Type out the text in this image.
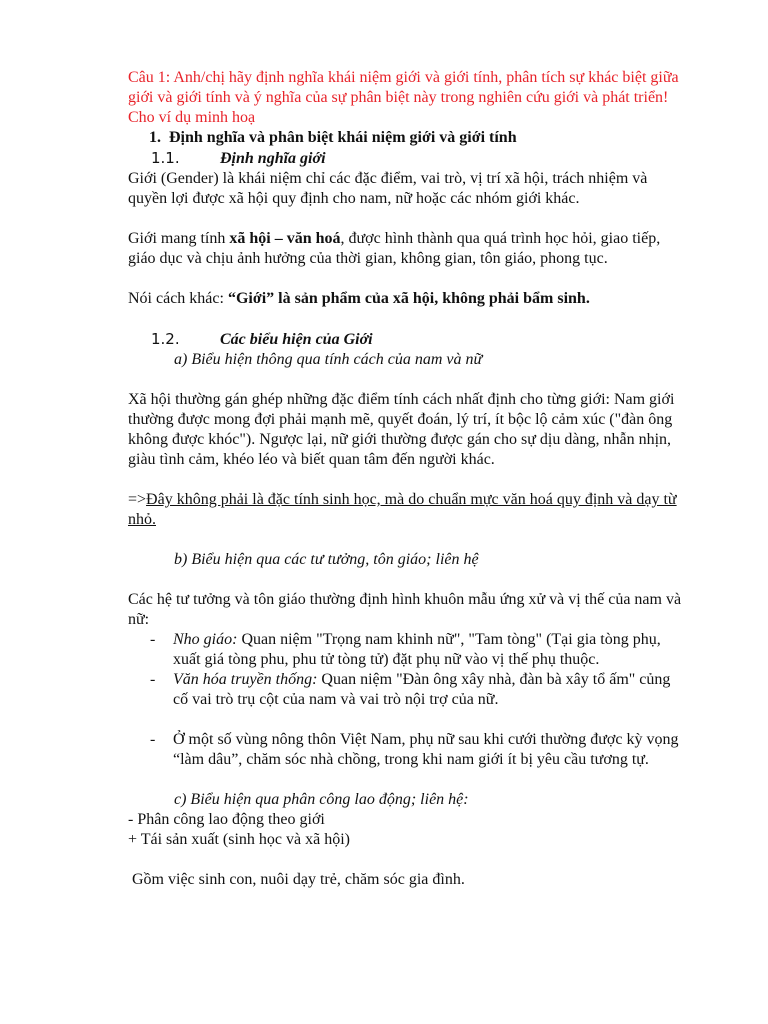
Câu 1: Anh/chị hãy định nghĩa khái niệm giới và giới tính, phân tích sự khác biệt giữa giới và giới tính và ý nghĩa của sự phân biệt này trong nghiên cứu giới và phát triển! Cho ví dụ minh hoạ

1. Định nghĩa và phân biệt khái niệm giới và giới tính

1.1.	Định nghĩa giới

Giới (Gender) là khái niệm chỉ các đặc điểm, vai trò, vị trí xã hội, trách nhiệm và quyền lợi được xã hội quy định cho nam, nữ hoặc các nhóm giới khác.

Giới mang tính xã hội – văn hoá, được hình thành qua quá trình học hỏi, giao tiếp, giáo dục và chịu ảnh hưởng của thời gian, không gian, tôn giáo, phong tục.

Nói cách khác: “Giới” là sản phẩm của xã hội, không phải bẩm sinh.

1.2.	Các biểu hiện của Giới

a) Biểu hiện thông qua tính cách của nam và nữ

Xã hội thường gán ghép những đặc điểm tính cách nhất định cho từng giới: Nam giới thường được mong đợi phải mạnh mẽ, quyết đoán, lý trí, ít bộc lộ cảm xúc ("đàn ông không được khóc"). Ngược lại, nữ giới thường được gán cho sự dịu dàng, nhẫn nhịn, giàu tình cảm, khéo léo và biết quan tâm đến người khác.

=>Đây không phải là đặc tính sinh học, mà do chuẩn mực văn hoá quy định và dạy từ nhỏ.

b) Biểu hiện qua các tư tưởng, tôn giáo; liên hệ

Các hệ tư tưởng và tôn giáo thường định hình khuôn mẫu ứng xử và vị thế của nam và nữ:

- Nho giáo: Quan niệm "Trọng nam khinh nữ", "Tam tòng" (Tại gia tòng phụ, xuất giá tòng phu, phu tử tòng tử) đặt phụ nữ vào vị thế phụ thuộc.
- Văn hóa truyền thống: Quan niệm "Đàn ông xây nhà, đàn bà xây tổ ấm" củng cố vai trò trụ cột của nam và vai trò nội trợ của nữ.
- Ở một số vùng nông thôn Việt Nam, phụ nữ sau khi cưới thường được kỳ vọng “làm dâu”, chăm sóc nhà chồng, trong khi nam giới ít bị yêu cầu tương tự.

c) Biểu hiện qua phân công lao động; liên hệ:

- Phân công lao động theo giới

+ Tái sản xuất (sinh học và xã hội)

Gồm việc sinh con, nuôi dạy trẻ, chăm sóc gia đình.
